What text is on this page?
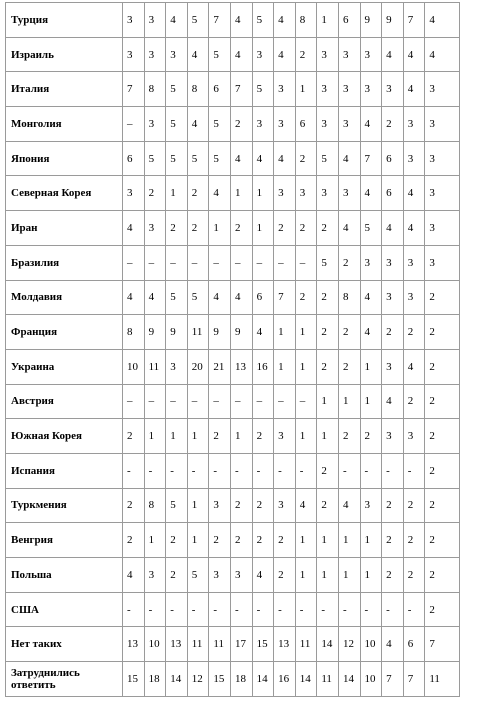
Турция	3	3	4	5	7	4	5	4	8	1	6	9	9	7	4
Израиль	3	3	3	4	5	4	3	4	2	3	3	3	4	4	4
Италия	7	8	5	8	6	7	5	3	1	3	3	3	3	4	3
Монголия	–	3	5	4	5	2	3	3	6	3	3	4	2	3	3
Япония	6	5	5	5	5	4	4	4	2	5	4	7	6	3	3
Северная Корея	3	2	1	2	4	1	1	3	3	3	3	4	6	4	3
Иран	4	3	2	2	1	2	1	2	2	2	4	5	4	4	3
Бразилия	–	–	–	–	–	–	–	–	–	5	2	3	3	3	3
Молдавия	4	4	5	5	4	4	6	7	2	2	8	4	3	3	2
Франция	8	9	9	11	9	9	4	1	1	2	2	4	2	2	2
Украина	10	11	3	20	21	13	16	1	1	2	2	1	3	4	2
Австрия	–	–	–	–	–	–	–	–	–	1	1	1	4	2	2
Южная Корея	2	1	1	1	2	1	2	3	1	1	2	2	3	3	2
Испания	-	-	-	-	-	-	-	-	-	2	-	-	-	-	2
Туркмения	2	8	5	1	3	2	2	3	4	2	4	3	2	2	2
Венгрия	2	1	2	1	2	2	2	2	1	1	1	1	2	2	2
Польша	4	3	2	5	3	3	4	2	1	1	1	1	2	2	2
США	-	-	-	-	-	-	-	-	-	-	-	-	-	-	2
Нет таких	13	10	13	11	11	17	15	13	11	14	12	10	4	6	7
Затруднились ответить	15	18	14	12	15	18	14	16	14	11	14	10	7	7	11
